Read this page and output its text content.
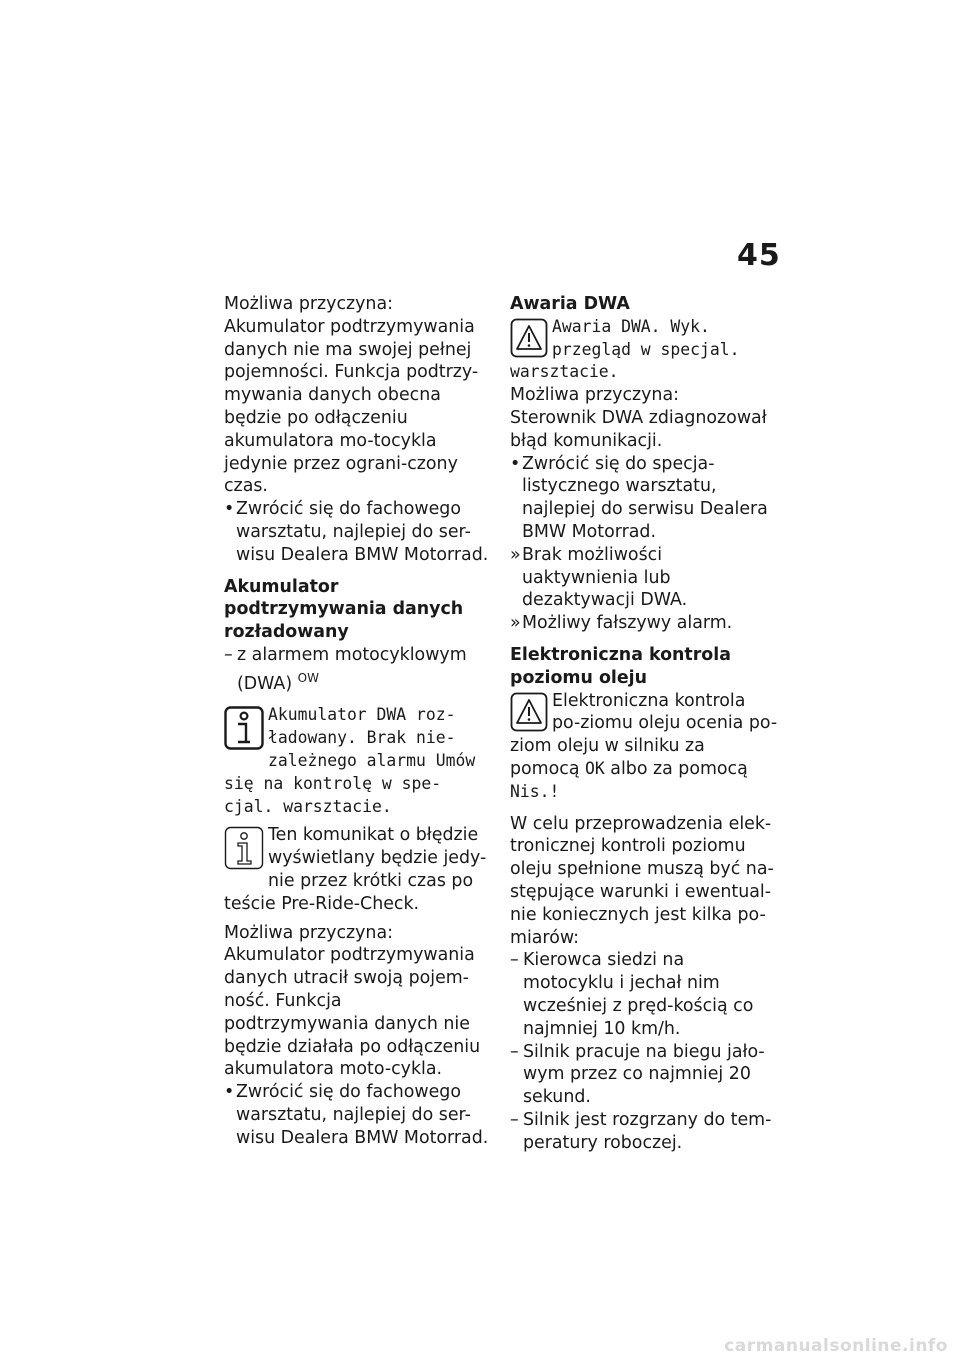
45

Możliwa przyczyna:

Akumulator podtrzymywania danych nie ma swojej pełnej pojemności. Funkcja podtrzy-mywania danych obecna będzie po odłączeniu akumulatora mo-tocykla jedynie przez ograni-czony czas.

• Zwrócić się do fachowego warsztatu, najlepiej do ser-wisu Dealera BMW Motorrad.

Akumulator podtrzymywania danych rozładowany

– z alarmem motocyklowym (DWA) $^{OW}$
Akumulator DWA roz-ładowany. Brak nie-zależnego alarmu Umów się na kontrolę w spe-cjal. warsztacie.
Ten komunikat o błędzie wyświetlany będzie jedy-nie przez krótki czas po teście Pre-Ride-Check.

Możliwa przyczyna:

Akumulator podtrzymywania danych utracił swoją pojem-ność. Funkcja podtrzymywania danych nie będzie działała po odłączeniu akumulatora moto-cykla.

• Zwrócić się do fachowego warsztatu, najlepiej do ser-wisu Dealera BMW Motorrad.

Awaria DWA

Awaria DWA. Wyk. przegląd w specjal. warsztacie.

Możliwa przyczyna:

Sterownik DWA zdiagnozował błąd komunikacji.

• Zwrócić się do specja-listycznego warsztatu, najlepiej do serwisu Dealera BMW Motorrad.
» Brak możliwości uaktywnienia lub dezaktywacji DWA.
» Możliwy fałszywy alarm.

Elektroniczna kontrola poziomu oleju

Elektroniczna kontrola po-ziomu oleju ocenia po-ziom oleju w silniku za pomocą OK albo za pomocą Nis.!

W celu przeprowadzenia elek-tronicznej kontroli poziomu oleju spełnione muszą być na-stępujące warunki i ewentual-nie koniecznych jest kilka po-miarów:

– Kierowca siedzi na motocyklu i jechał nim wcześniej z pręd-kością co najmniej 10 km/h.
– Silnik pracuje na biegu jało-wym przez co najmniej 20 sekund.
– Silnik jest rozgrzany do tem-peratury roboczej.
carmanualsonline.info
